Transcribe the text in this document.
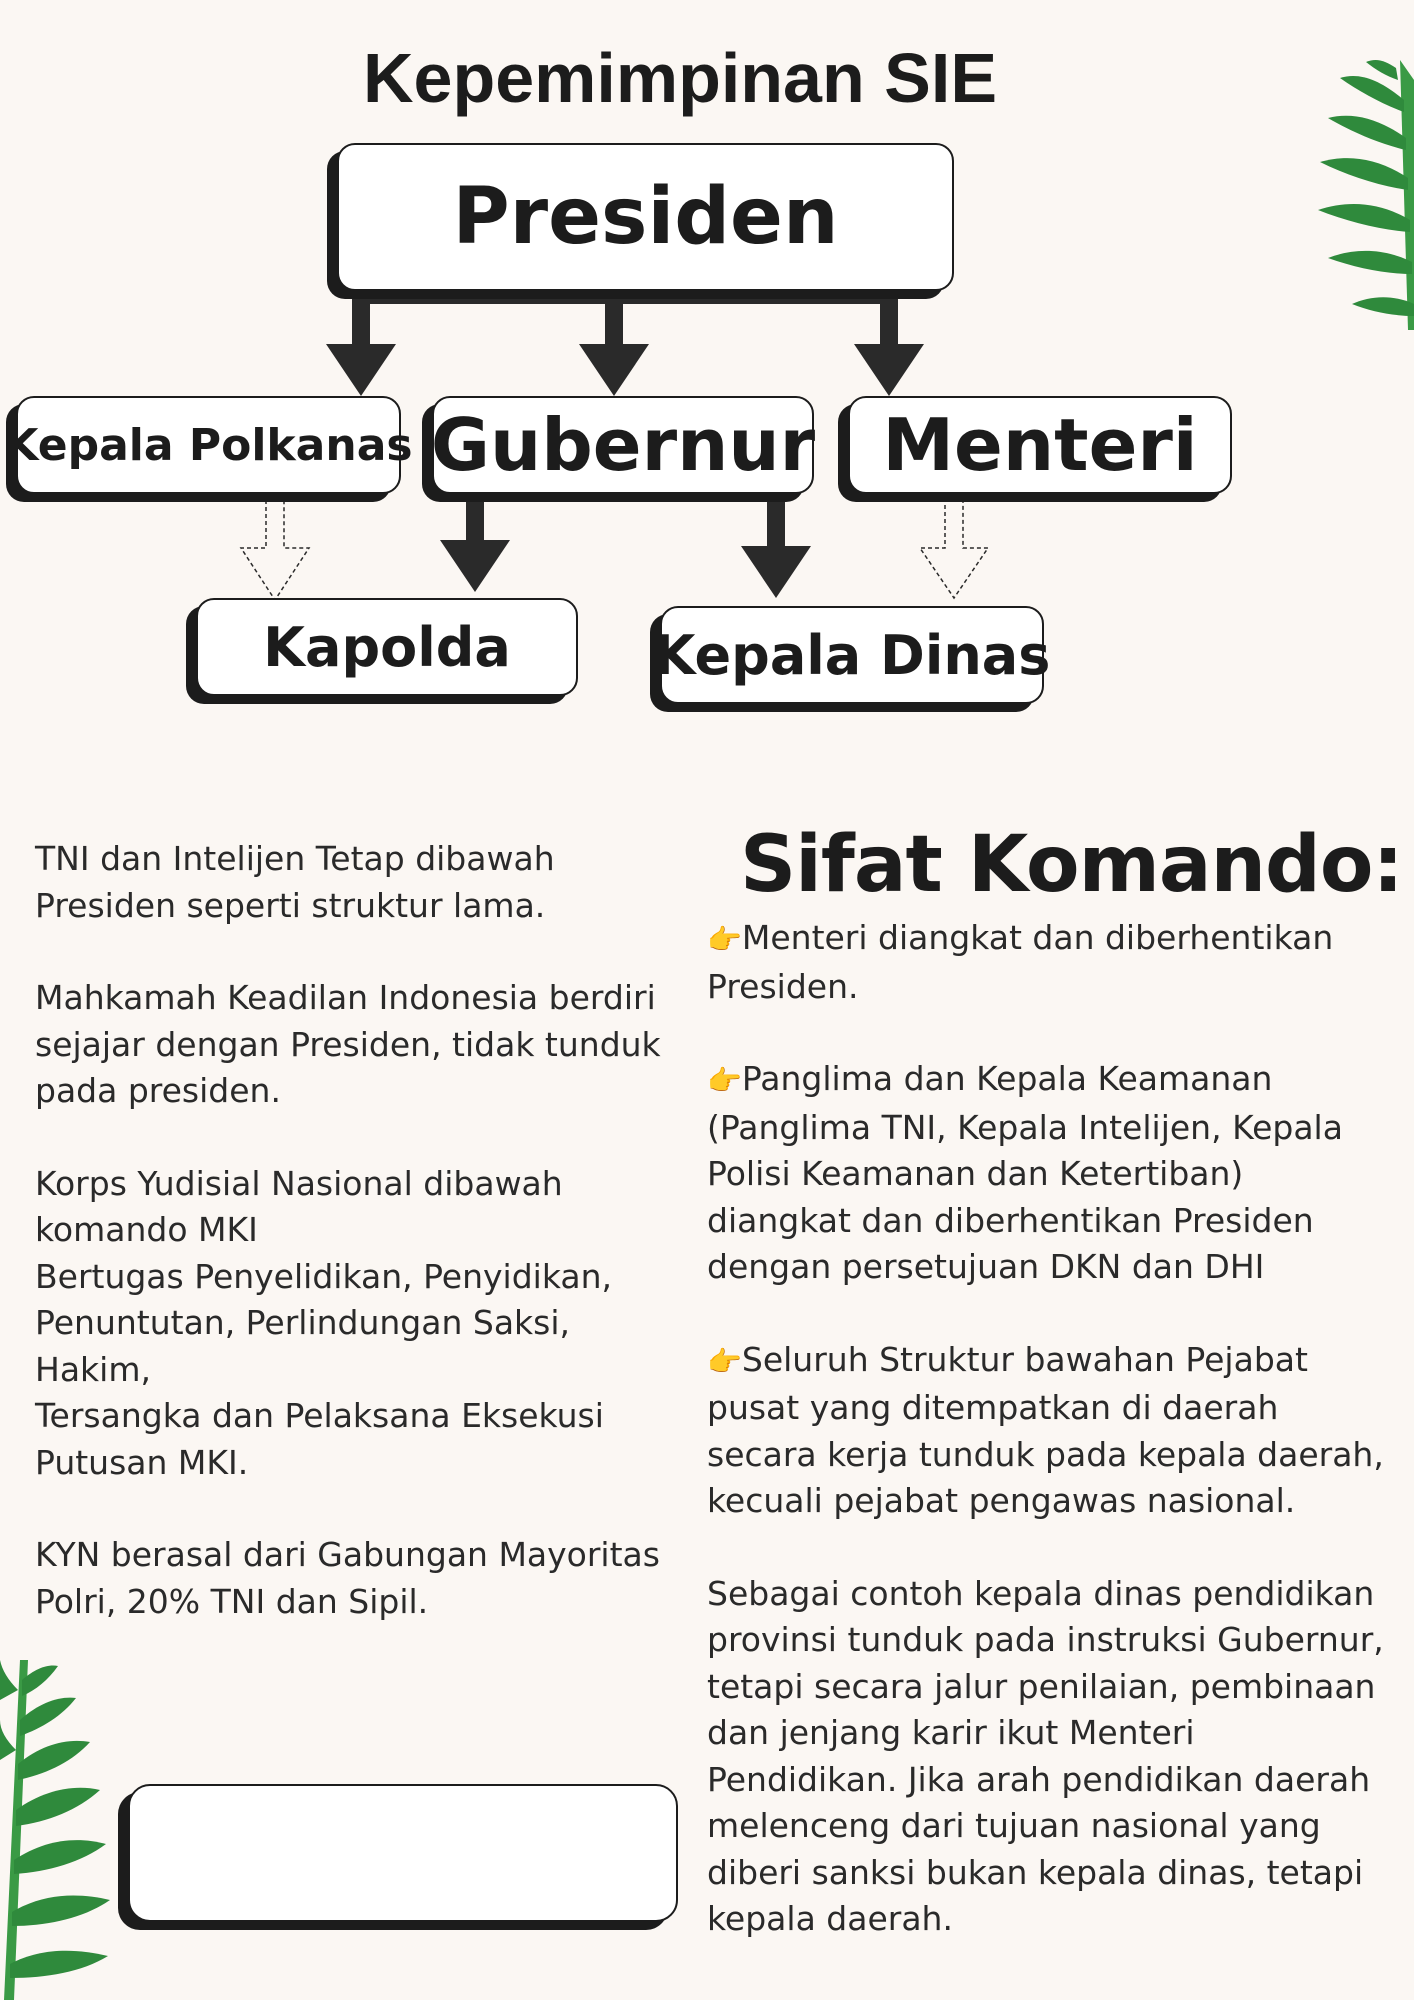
Kepemimpinan SIE
Presiden
Kepala Polkanas Gubernur Menteri
Kapolda	Kepala Dinas

TNI dan Intelijen Tetap dibawah
Presiden seperti struktur lama.

Mahkamah Keadilan Indonesia berdiri
sejajar dengan Presiden, tidak tunduk
pada presiden.

Korps Yudisial Nasional dibawah
komando MKI
Bertugas Penyelidikan, Penyidikan,
Penuntutan, Perlindungan Saksi, Hakim,
Tersangka dan Pelaksana Eksekusi
Putusan MKI.

KYN berasal dari Gabungan Mayoritas
Polri, 20% TNI dan Sipil.

Sifat Komando:

👉Menteri diangkat dan diberhentikan
Presiden.

👉Panglima dan Kepala Keamanan
(Panglima TNI, Kepala Intelijen, Kepala
Polisi Keamanan dan Ketertiban)
diangkat dan diberhentikan Presiden
dengan persetujuan DKN dan DHI

👉Seluruh Struktur bawahan Pejabat
pusat yang ditempatkan di daerah
secara kerja tunduk pada kepala daerah,
kecuali pejabat pengawas nasional.

Sebagai contoh kepala dinas pendidikan
provinsi tunduk pada instruksi Gubernur,
tetapi secara jalur penilaian, pembinaan
dan jenjang karir ikut Menteri
Pendidikan. Jika arah pendidikan daerah
melenceng dari tujuan nasional yang
diberi sanksi bukan kepala dinas, tetapi
kepala daerah.
